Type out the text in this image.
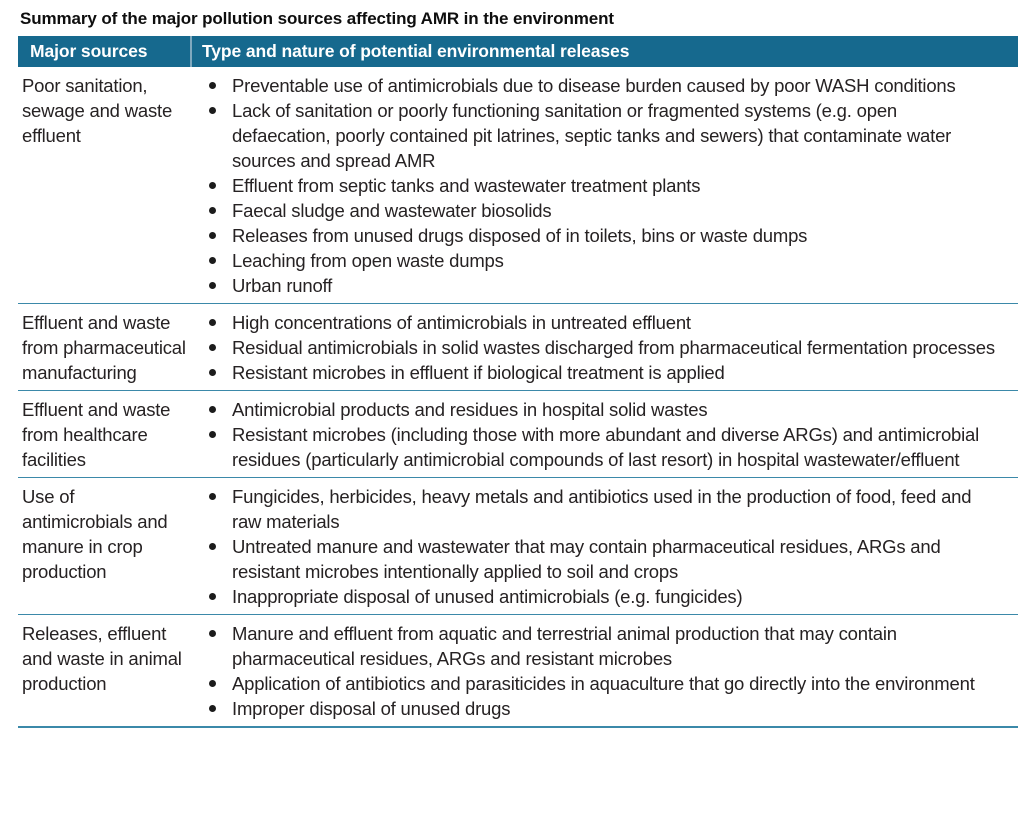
Summary of the major pollution sources affecting AMR in the environment
Major sources	Type and nature of potential environmental releases
Poor sanitation, sewage and waste effluent
Preventable use of antimicrobials due to disease burden caused by poor WASH conditions
Lack of sanitation or poorly functioning sanitation or fragmented systems (e.g. open defaecation, poorly contained pit latrines, septic tanks and sewers) that contaminate water sources and spread AMR
Effluent from septic tanks and wastewater treatment plants
Faecal sludge and wastewater biosolids
Releases from unused drugs disposed of in toilets, bins or waste dumps
Leaching from open waste dumps
Urban runoff
Effluent and waste from pharmaceutical manufacturing
High concentrations of antimicrobials in untreated effluent
Residual antimicrobials in solid wastes discharged from pharmaceutical fermentation processes
Resistant microbes in effluent if biological treatment is applied
Effluent and waste from healthcare facilities
Antimicrobial products and residues in hospital solid wastes
Resistant microbes (including those with more abundant and diverse ARGs) and antimicrobial residues (particularly antimicrobial compounds of last resort) in hospital wastewater/effluent
Use of antimicrobials and manure in crop production
Fungicides, herbicides, heavy metals and antibiotics used in the production of food, feed and raw materials
Untreated manure and wastewater that may contain pharmaceutical residues, ARGs and resistant microbes intentionally applied to soil and crops
Inappropriate disposal of unused antimicrobials (e.g. fungicides)
Releases, effluent and waste in animal production
Manure and effluent from aquatic and terrestrial animal production that may contain pharmaceutical residues, ARGs and resistant microbes
Application of antibiotics and parasiticides in aquaculture that go directly into the environment
Improper disposal of unused drugs
